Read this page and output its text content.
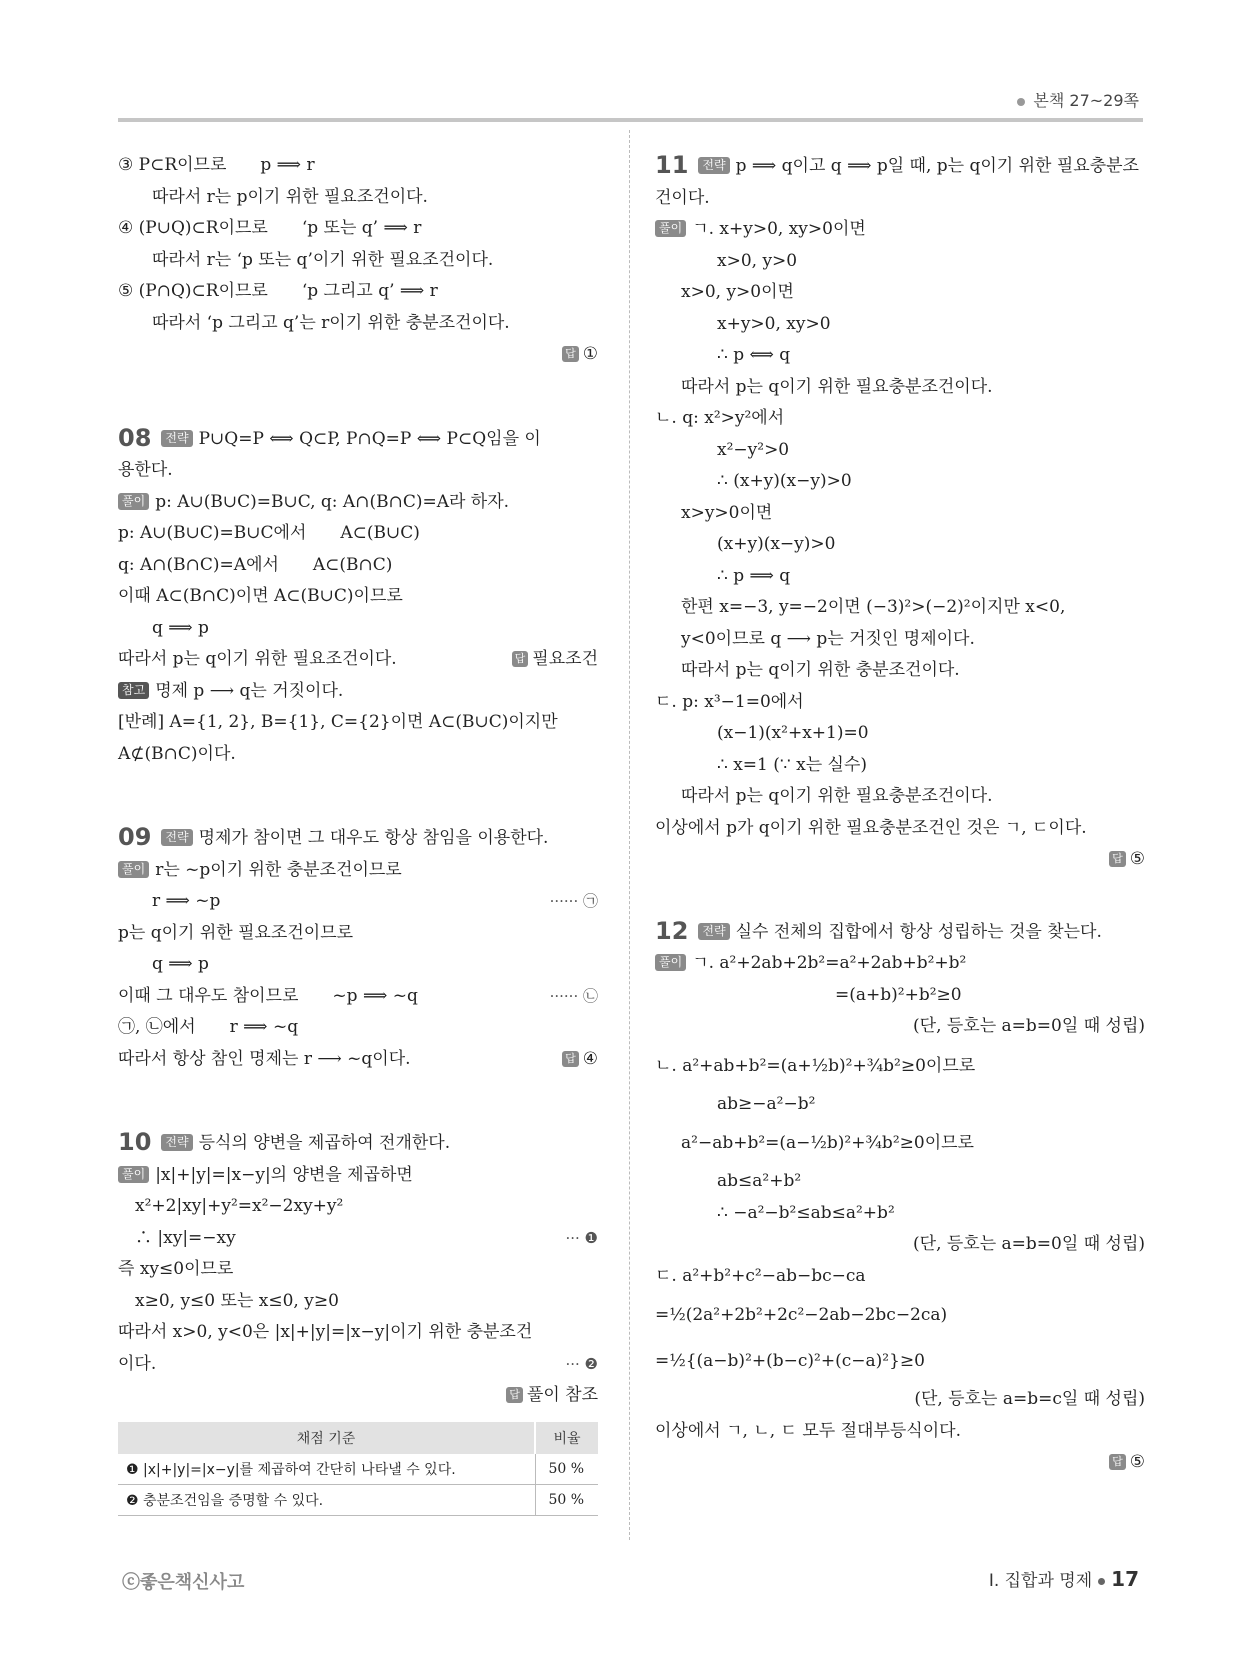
본책 27~29쪽
③ P⊂R이므로　　p ⟹ r
　　따라서 r는 p이기 위한 필요조건이다.
④ (P∪Q)⊂R이므로　　‘p 또는 q’ ⟹ r
　　따라서 r는 ‘p 또는 q’이기 위한 필요조건이다.
⑤ (P∩Q)⊂R이므로　　‘p 그리고 q’ ⟹ r
　　따라서 ‘p 그리고 q’는 r이기 위한 충분조건이다.
답 ①
08 전략 P∪Q=P ⟺ Q⊂P, P∩Q=P ⟺ P⊂Q임을 이
용한다.
풀이 p: A∪(B∪C)=B∪C, q: A∩(B∩C)=A라 하자.
p: A∪(B∪C)=B∪C에서　　A⊂(B∪C)
q: A∩(B∩C)=A에서　　A⊂(B∩C)
이때 A⊂(B∩C)이면 A⊂(B∪C)이므로
　　q ⟹ p
따라서 p는 q이기 위한 필요조건이다.	답 필요조건
참고 명제 p ⟶ q는 거짓이다.
[반례] A={1, 2}, B={1}, C={2}이면 A⊂(B∪C)이지만
A⊄(B∩C)이다.
09 전략 명제가 참이면 그 대우도 항상 참임을 이용한다.
풀이 r는 ~p이기 위한 충분조건이므로
　　r ⟹ ~p	······ ㉠
p는 q이기 위한 필요조건이므로
　　q ⟹ p
이때 그 대우도 참이므로　　~p ⟹ ~q	······ ㉡
㉠, ㉡에서　　r ⟹ ~q
따라서 항상 참인 명제는 r ⟶ ~q이다.	답 ④
10 전략 등식의 양변을 제곱하여 전개한다.
풀이 |x|+|y|=|x−y|의 양변을 제곱하면
　x²+2|xy|+y²=x²−2xy+y²
　∴ |xy|=−xy	··· ❶
즉 xy≤0이므로
　x≥0, y≤0 또는 x≤0, y≥0
따라서 x>0, y<0은 |x|+|y|=|x−y|이기 위한 충분조건
이다.	··· ❷
답 풀이 참조
채점 기준	비율
❶ |x|+|y|=|x−y|를 제곱하여 간단히 나타낼 수 있다.	50 %
❷ 충분조건임을 증명할 수 있다.	50 %
11 전략 p ⟹ q이고 q ⟹ p일 때, p는 q이기 위한 필요충분조
건이다.
풀이 ㄱ. x+y>0, xy>0이면
x>0, y>0
x>0, y>0이면
x+y>0, xy>0
∴ p ⟺ q
따라서 p는 q이기 위한 필요충분조건이다.
ㄴ. q: x²>y²에서
x²−y²>0
∴ (x+y)(x−y)>0
x>y>0이면
(x+y)(x−y)>0
∴ p ⟹ q
한편 x=−3, y=−2이면 (−3)²>(−2)²이지만 x<0,
y<0이므로 q ⟶ p는 거짓인 명제이다.
따라서 p는 q이기 위한 충분조건이다.
ㄷ. p: x³−1=0에서
(x−1)(x²+x+1)=0
∴ x=1 (∵ x는 실수)
따라서 p는 q이기 위한 필요충분조건이다.
이상에서 p가 q이기 위한 필요충분조건인 것은 ㄱ, ㄷ이다.
답 ⑤
12 전략 실수 전체의 집합에서 항상 성립하는 것을 찾는다.
풀이 ㄱ. a²+2ab+2b²=a²+2ab+b²+b²
=(a+b)²+b²≥0
(단, 등호는 a=b=0일 때 성립)
ㄴ. a²+ab+b²=(a+½b)²+¾b²≥0이므로
ab≥−a²−b²
a²−ab+b²=(a−½b)²+¾b²≥0이므로
ab≤a²+b²
∴ −a²−b²≤ab≤a²+b²
(단, 등호는 a=b=0일 때 성립)
ㄷ. a²+b²+c²−ab−bc−ca
=½(2a²+2b²+2c²−2ab−2bc−2ca)
=½{(a−b)²+(b−c)²+(c−a)²}≥0
(단, 등호는 a=b=c일 때 성립)
이상에서 ㄱ, ㄴ, ㄷ 모두 절대부등식이다.
답 ⑤
ⓒ좋은책신사고	I. 집합과 명제 17
